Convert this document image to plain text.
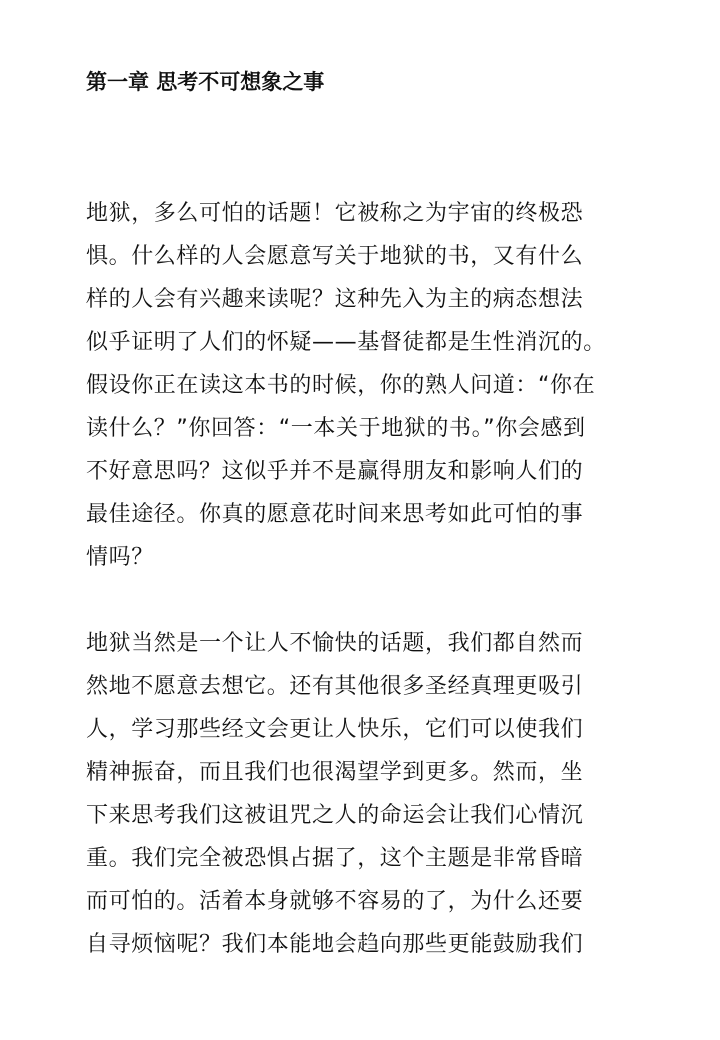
第一章 思考不可想象之事
地狱，多么可怕的话题！它被称之为宇宙的终极恐
惧。什么样的人会愿意写关于地狱的书，又有什么
样的人会有兴趣来读呢？这种先入为主的病态想法
似乎证明了人们的怀疑——基督徒都是生性消沉的。
假设你正在读这本书的时候，你的熟人问道：“你在
读什么？”你回答：“一本关于地狱的书。”你会感到
不好意思吗？这似乎并不是赢得朋友和影响人们的
最佳途径。你真的愿意花时间来思考如此可怕的事
情吗？
地狱当然是一个让人不愉快的话题，我们都自然而
然地不愿意去想它。还有其他很多圣经真理更吸引
人，学习那些经文会更让人快乐，它们可以使我们
精神振奋，而且我们也很渴望学到更多。然而，坐
下来思考我们这被诅咒之人的命运会让我们心情沉
重。我们完全被恐惧占据了，这个主题是非常昏暗
而可怕的。活着本身就够不容易的了，为什么还要
自寻烦恼呢？我们本能地会趋向那些更能鼓励我们
